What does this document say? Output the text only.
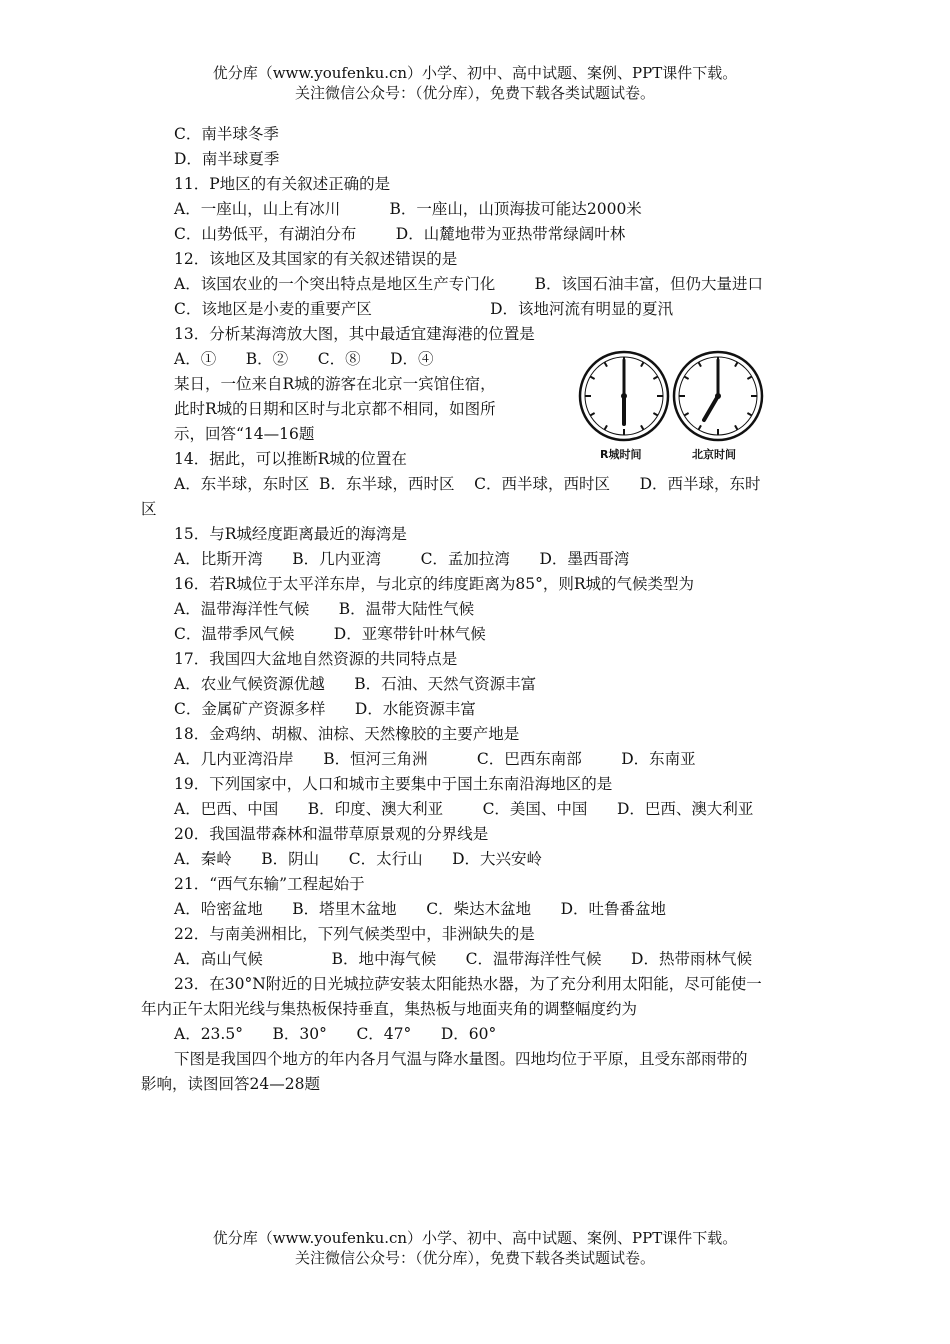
优分库（www.youfenku.cn）小学、初中、高中试题、案例、PPT课件下载。
关注微信公众号：（优分库），免费下载各类试题试卷。
C．南半球冬季
D．南半球夏季
11．P地区的有关叙述正确的是
A．一座山，山上有冰川          B．一座山，山顶海拔可能达2000米
C．山势低平，有湖泊分布        D．山麓地带为亚热带常绿阔叶林
12．该地区及其国家的有关叙述错误的是
A．该国农业的一个突出特点是地区生产专门化        B．该国石油丰富，但仍大量进口
C．该地区是小麦的重要产区                        D．该地河流有明显的夏汛
13．分析某海湾放大图，其中最适宜建海港的位置是
A．①      B．②      C．⑧      D．④
某日，一位来自R城的游客在北京一宾馆住宿，
此时R城的日期和区时与北京都不相同，如图所
示，回答“14—16题
14．据此，可以推断R城的位置在
A．东半球，东时区  B．东半球，西时区    C．西半球，西时区      D．西半球，东时
区
15．与R城经度距离最近的海湾是
A．比斯开湾      B．几内亚湾        C．孟加拉湾      D．墨西哥湾
16．若R城位于太平洋东岸，与北京的纬度距离为85°，则R城的气候类型为
A．温带海洋性气候      B．温带大陆性气候
C．温带季风气候        D．亚寒带针叶林气候
17．我国四大盆地自然资源的共同特点是
A．农业气候资源优越      B．石油、天然气资源丰富
C．金属矿产资源多样      D．水能资源丰富
18．金鸡纳、胡椒、油棕、天然橡胶的主要产地是
A．几内亚湾沿岸      B．恒河三角洲          C．巴西东南部        D．东南亚
19．下列国家中，人口和城市主要集中于国土东南沿海地区的是
A．巴西、中国      B．印度、澳大利亚        C．美国、中国      D．巴西、澳大利亚
20．我国温带森林和温带草原景观的分界线是
A．秦岭      B．阴山      C．太行山      D．大兴安岭
21．“西气东输”工程起始于
A．哈密盆地      B．塔里木盆地      C．柴达木盆地      D．吐鲁番盆地
22．与南美洲相比，下列气候类型中，非洲缺失的是
A．高山气候              B．地中海气候      C．温带海洋性气候      D．热带雨林气候
23．在30°N附近的日光城拉萨安装太阳能热水器，为了充分利用太阳能，尽可能使一
年内正午太阳光线与集热板保持垂直，集热板与地面夹角的调整幅度约为
A．23.5°      B．30°      C．47°      D．60°
下图是我国四个地方的年内各月气温与降水量图。四地均位于平原，且受东部雨带的
影响，读图回答24—28题
R城时间	北京时间
优分库（www.youfenku.cn）小学、初中、高中试题、案例、PPT课件下载。
关注微信公众号：（优分库），免费下载各类试题试卷。
